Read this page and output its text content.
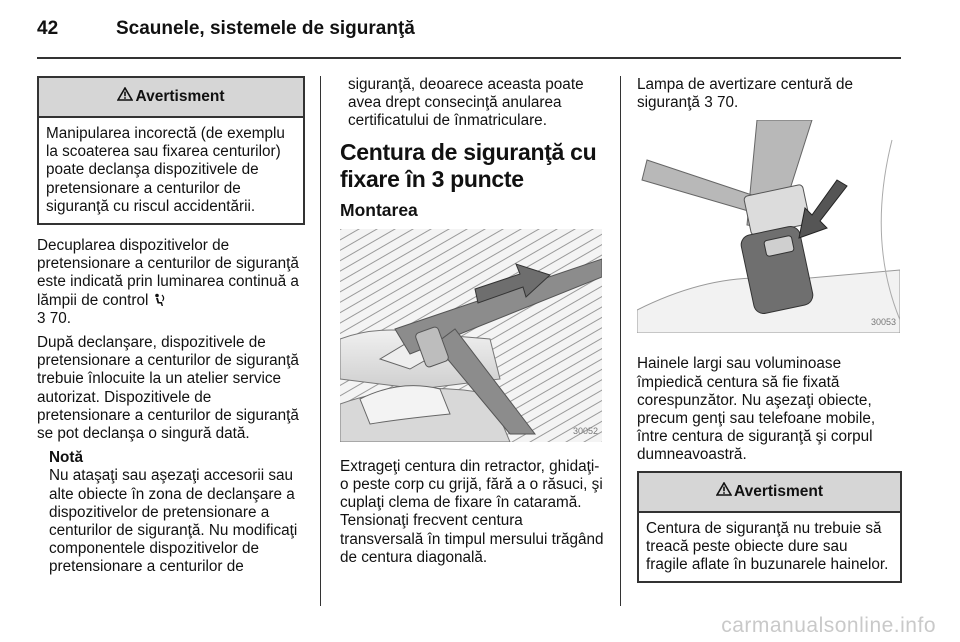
42	Scaunele, sistemele de siguranţă
Avertisment
Manipularea incorectă (de exemplu la scoaterea sau fixarea centurilor) poate declanşa dispozitivele de pretensionare a centurilor de siguranţă cu riscul accidentării.

Decuplarea dispozitivelor de pretensionare a centurilor de siguranţă este indicată prin luminarea continuă a lămpii de control
3 70.

După declanşare, dispozitivele de pretensionare a centurilor de siguranţă trebuie înlocuite la un atelier service autorizat. Dispozitivele de pretensionare a centurilor de siguranţă se pot declanşa o singură dată.

Notă
Nu ataşaţi sau aşezaţi accesorii sau alte obiecte în zona de declanşare a dispozitivelor de pretensionare a centurilor de siguranţă. Nu modificaţi componentele dispozitivelor de pretensionare a centurilor de

siguranţă, deoarece aceasta poate avea drept consecinţă anularea certificatului de înmatriculare.

Centura de siguranţă cu fixare în 3 puncte
Montarea
30052

Extrageţi centura din retractor, ghidaţi-o peste corp cu grijă, fără a o răsuci, şi cuplaţi clema de fixare în cataramă. Tensionaţi frecvent centura transversală în timpul mersului trăgând de centura diagonală.

Lampa de avertizare centură de siguranţă 3 70.

30053

Hainele largi sau voluminoase împiedică centura să fie fixată corespunzător. Nu aşezaţi obiecte, precum genţi sau telefoane mobile, între centura de siguranţă şi corpul dumneavoastră.

Avertisment
Centura de siguranţă nu trebuie să treacă peste obiecte dure sau fragile aflate în buzunarele hainelor.
carmanualsonline.info
